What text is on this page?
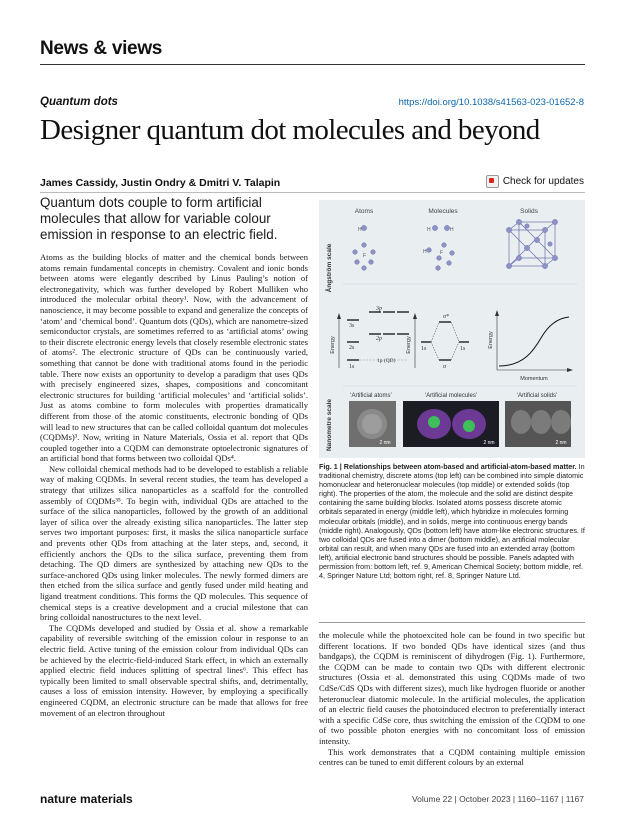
News & views
Quantum dots	https://doi.org/10.1038/s41563-023-01652-8
Designer quantum dot molecules and beyond
James Cassidy, Justin Ondry & Dmitri V. Talapin	Check for updates
Quantum dots couple to form artificial molecules that allow for variable colour emission in response to an electric field.

Atoms as the building blocks of matter and the chemical bonds between atoms remain fundamental concepts in chemistry. Covalent and ionic bonds between atoms were elegantly described by Linus Pauling’s notion of electronegativity, which was further developed by Robert Mulliken who introduced the molecular orbital theory¹. Now, with the advancement of nanoscience, it may become possible to expand and generalize the concepts of ‘atom’ and ‘chemical bond’. Quantum dots (QDs), which are nanometre-sized semiconductor crystals, are sometimes referred to as ‘artificial atoms’ owing to their discrete electronic energy levels that closely resemble electronic states of atoms². The electronic structure of QDs can be continuously varied, something that cannot be done with traditional atoms found in the periodic table. There now exists an opportunity to develop a paradigm that uses QDs with precisely engineered sizes, shapes, compositions and concomitant electronic structures for building ‘artificial molecules’ and ‘artificial solids’. Just as atoms combine to form molecules with properties dramatically different from those of the atomic constituents, electronic bonding of QDs will lead to new structures that can be called colloidal quantum dot molecules (CQDMs)³. Now, writing in Nature Materials, Ossia et al. report that QDs coupled together into a CQDM can demonstrate optoelectronic signatures of an artificial bond that forms between two colloidal QDs⁴.

New colloidal chemical methods had to be developed to establish a reliable way of making CQDMs. In several recent studies, the team has developed a strategy that utilizes silica nanoparticles as a scaffold for the controlled assembly of CQDMs³⁵. To begin with, individual QDs are attached to the surface of the silica nanoparticles, followed by the growth of an additional layer of silica over the already existing silica nanoparticles. The latter step serves two important purposes: first, it masks the silica nanoparticle surface and prevents other QDs from attaching at the later steps, and, second, it efficiently anchors the QDs to the silica surface, preventing them from detaching. The QD dimers are synthesized by attaching new QDs to the surface-anchored QDs using linker molecules. The newly formed dimers are then etched from the silica surface and gently fused under mild heating and ligand treatment conditions. This forms the QD molecules. This sequence of chemical steps is a creative development and a crucial milestone that can bring colloidal nanostructures to the next level.

The CQDMs developed and studied by Ossia et al. show a remarkable capability of reversible switching of the emission colour in response to an electric field. Active tuning of the emission colour from individual QDs can be achieved by the electric-field-induced Stark effect, in which an externally applied electric field induces splitting of spectral lines⁶. This effect has typically been limited to small observable spectral shifts, and, detrimentally, causes a loss of emission intensity. However, by employing a specifically engineered CQDM, an electronic structure can be made that allows for free movement of an electron throughout

Ångström scale
Nanometre scale
Atoms	Molecules	Solids
H
F
H	H
H	F
Energy
3p
3s
2p
2s
1s
1p (QD)
Energy
σ*
1s	1s
σ
Energy
Momentum
‘Artificial atoms’	‘Artificial molecules’	‘Artificial solids’
2 nm	2 nm	2 nm
Fig. 1 | Relationships between atom-based and artificial-atom-based matter. In traditional chemistry, discrete atoms (top left) can be combined into simple diatomic homonuclear and heteronuclear molecules (top middle) or extended solids (top right). The properties of the atom, the molecule and the solid are distinct despite containing the same building blocks. Isolated atoms possess discrete atomic orbitals separated in energy (middle left), which hybridize in molecules forming molecular orbitals (middle), and in solids, merge into continuous energy bands (middle right). Analogously, QDs (bottom left) have atom-like electronic structures. If two colloidal QDs are fused into a dimer (bottom middle), an artificial molecular orbital can result, and when many QDs are fused into an extended array (bottom left), artificial electronic band structures should be possible. Panels adapted with permission from: bottom left, ref. 9, American Chemical Society; bottom middle, ref. 4, Springer Nature Ltd; bottom right, ref. 8, Springer Nature Ltd.

the molecule while the photoexcited hole can be found in two specific but different locations. If two bonded QDs have identical sizes (and thus bandgaps), the CQDM is reminiscent of dihydrogen (Fig. 1). Furthermore, the CQDM can be made to contain two QDs with different electronic structures (Ossia et al. demonstrated this using CQDMs made of two CdSe/CdS QDs with different sizes), much like hydrogen fluoride or another heteronuclear diatomic molecule. In the artificial molecules, the application of an electric field causes the photoinduced electron to preferentially interact with a specific CdSe core, thus switching the emission of the CQDM to one of two possible photon energies with no concomitant loss of emission intensity.

This work demonstrates that a CQDM containing multiple emission centres can be tuned to emit different colours by an external

nature materials	Volume 22 | October 2023 | 1160–1167 | 1167
